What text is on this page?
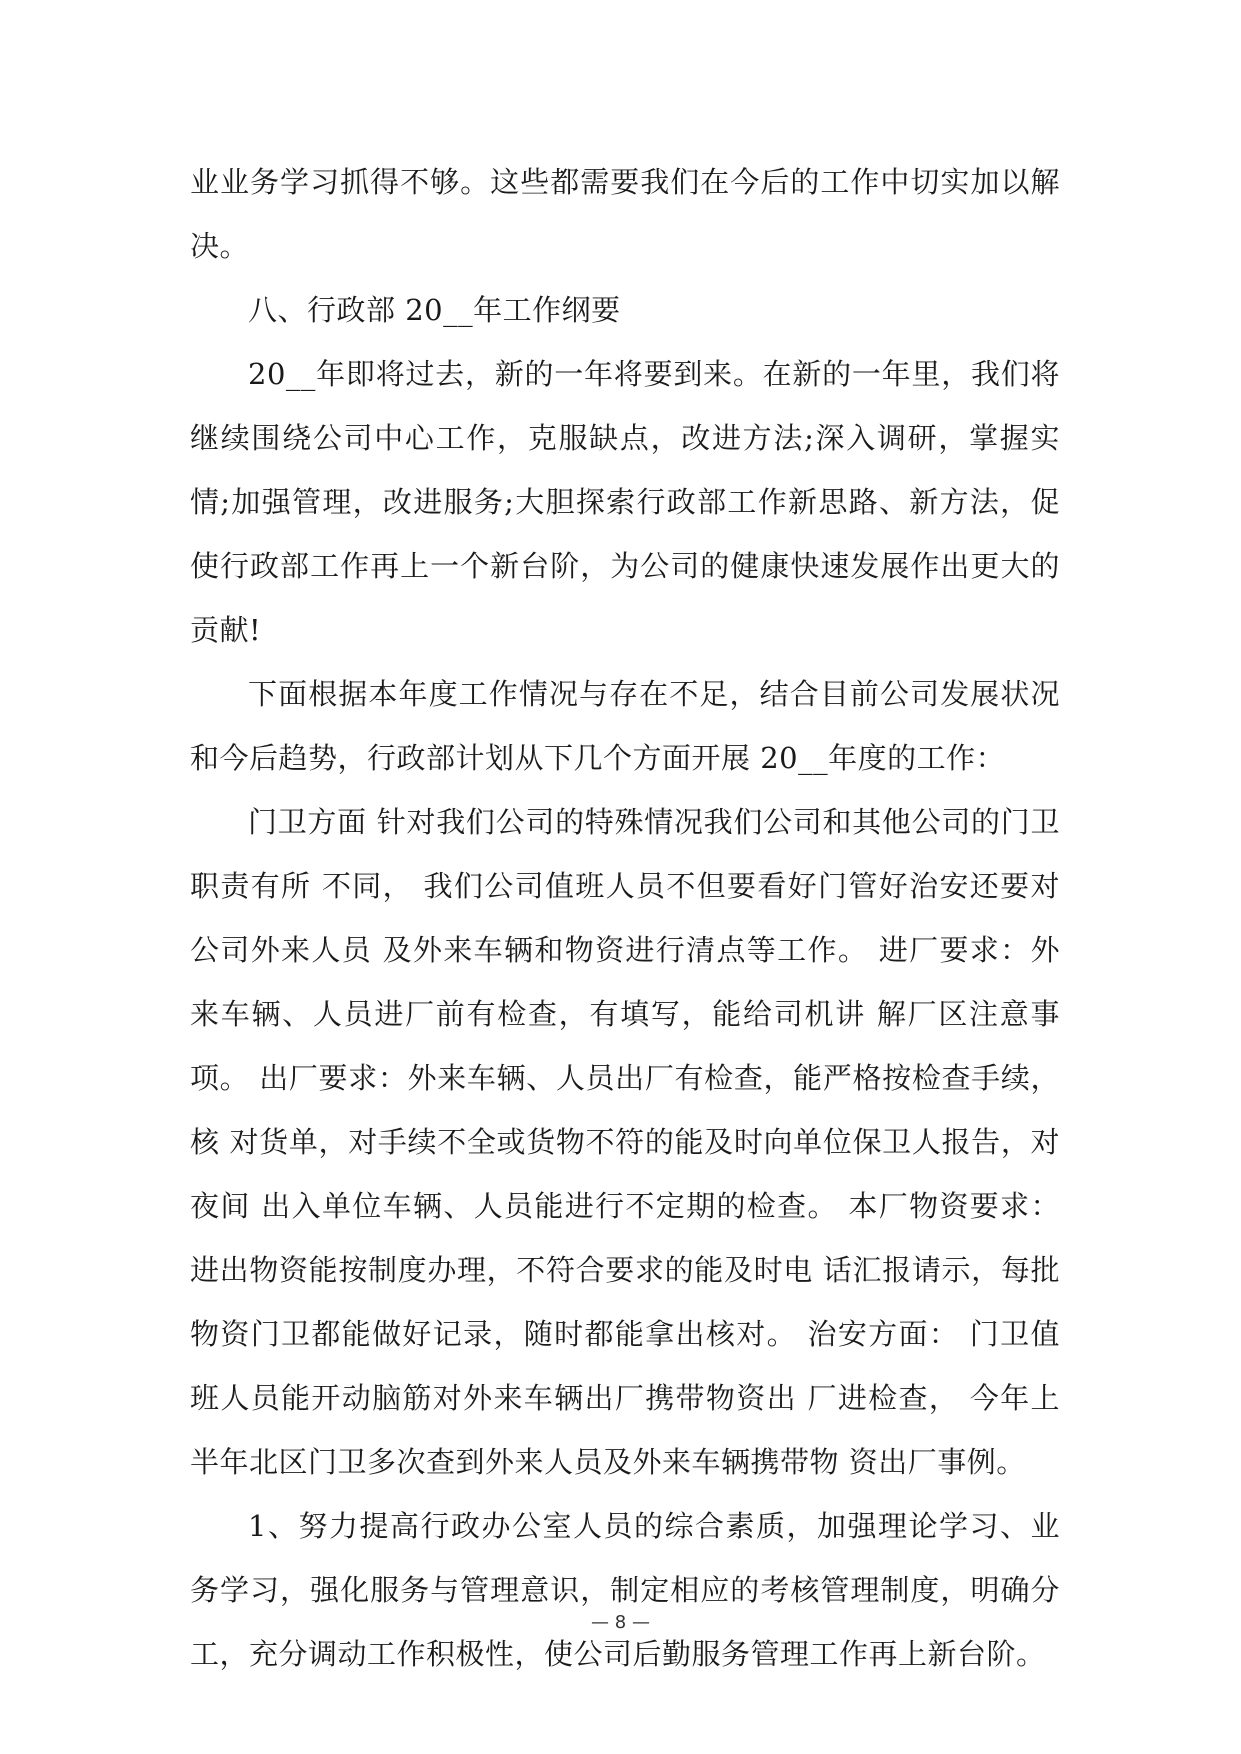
业业务学习抓得不够。这些都需要我们在今后的工作中切实加以解决。

八、行政部 20__年工作纲要

20__年即将过去，新的一年将要到来。在新的一年里，我们将继续围绕公司中心工作，克服缺点，改进方法;深入调研，掌握实情;加强管理，改进服务;大胆探索行政部工作新思路、新方法，促使行政部工作再上一个新台阶，为公司的健康快速发展作出更大的贡献!

下面根据本年度工作情况与存在不足，结合目前公司发展状况和今后趋势，行政部计划从下几个方面开展 20__年度的工作：

门卫方面 针对我们公司的特殊情况我们公司和其他公司的门卫职责有所 不同， 我们公司值班人员不但要看好门管好治安还要对公司外来人员 及外来车辆和物资进行清点等工作。 进厂要求：外来车辆、人员进厂前有检查，有填写，能给司机讲 解厂区注意事项。 出厂要求：外来车辆、人员出厂有检查，能严格按检查手续，核 对货单，对手续不全或货物不符的能及时向单位保卫人报告，对夜间 出入单位车辆、人员能进行不定期的检查。 本厂物资要求：进出物资能按制度办理，不符合要求的能及时电 话汇报请示，每批物资门卫都能做好记录，随时都能拿出核对。 治安方面： 门卫值班人员能开动脑筋对外来车辆出厂携带物资出 厂进检查， 今年上半年北区门卫多次查到外来人员及外来车辆携带物 资出厂事例。

1、努力提高行政办公室人员的综合素质，加强理论学习、业务学习，强化服务与管理意识，制定相应的考核管理制度，明确分工，充分调动工作积极性，使公司后勤服务管理工作再上新台阶。

— 8 —
